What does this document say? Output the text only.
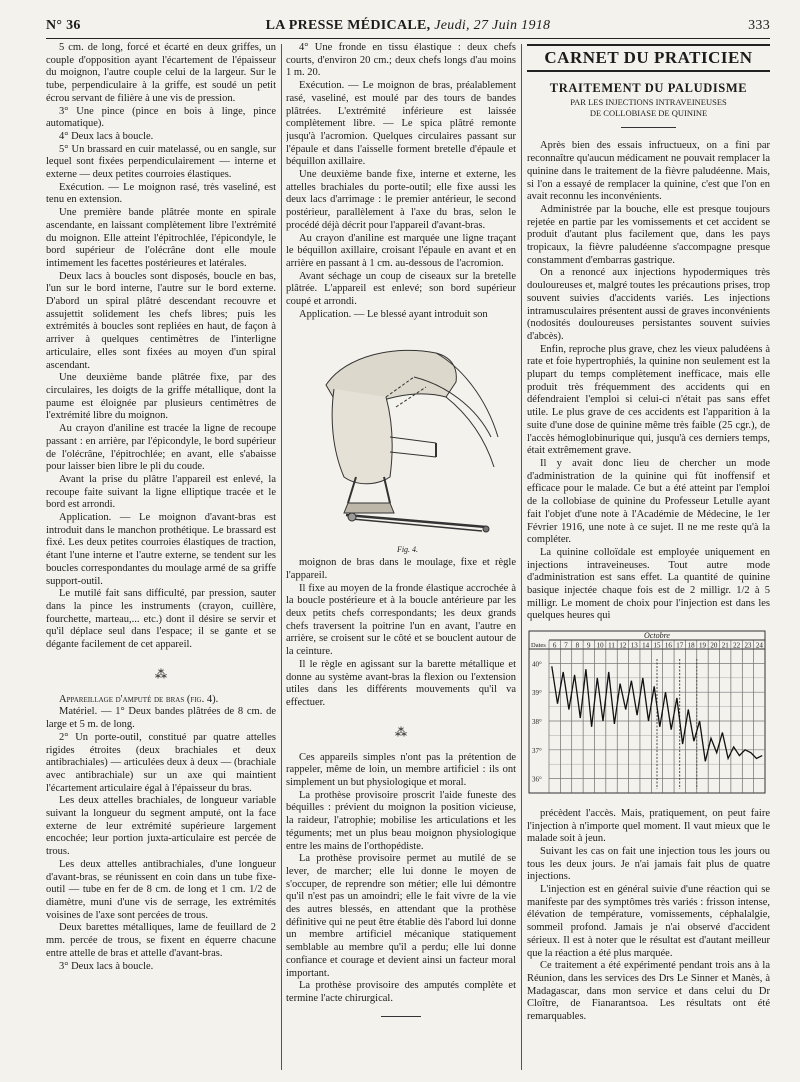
N° 36	LA PRESSE MÉDICALE, Jeudi, 27 Juin 1918	333

5 cm. de long, forcé et écarté en deux griffes, un couple d'opposition ayant l'écartement de l'épaisseur du moignon, l'autre couple celui de la largeur. Sur le tube, perpendiculaire à la griffe, est soudé un petit écrou servant de filière à une vis de pression.

3° Une pince (pince en bois à linge, pince automatique).

4° Deux lacs à boucle.

5° Un brassard en cuir matelassé, ou en sangle, sur lequel sont fixées perpendiculairement — interne et externe — deux petites courroies élastiques.

Exécution. — Le moignon rasé, très vaseliné, est tenu en extension.

Une première bande plâtrée monte en spirale ascendante, en laissant complètement libre l'extrémité du moignon. Elle atteint l'épitrochlée, l'épicondyle, le bord supérieur de l'olécrâne dont elle moule intimement les facettes postérieures et latérales.

Deux lacs à boucles sont disposés, boucle en bas, l'un sur le bord interne, l'autre sur le bord externe. D'abord un spiral plâtré descendant recouvre et assujettit solidement les chefs libres; puis les extrémités à boucles sont repliées en haut, de façon à arriver à quelques centimètres de l'interligne articulaire, elles sont fixées au moyen d'un spiral ascendant.

Une deuxième bande plâtrée fixe, par des circulaires, les doigts de la griffe métallique, dont la paume est éloignée par plusieurs centimètres de l'extrémité libre du moignon.

Au crayon d'aniline est tracée la ligne de recoupe passant : en arrière, par l'épicondyle, le bord supérieur de l'olécrâne, l'épitrochlée; en avant, elle s'abaisse pour laisser bien libre le pli du coude.

Avant la prise du plâtre l'appareil est enlevé, la recoupe faite suivant la ligne elliptique tracée et le bord est arrondi.

Application. — Le moignon d'avant-bras est introduit dans le manchon prothétique. Le brassard est fixé. Les deux petites courroies élastiques de traction, étant l'une interne et l'autre externe, se tendent sur les boucles correspondantes du moulage armé de sa griffe support-outil.

Le mutilé fait sans difficulté, par pression, sauter dans la pince les instruments (crayon, cuillère, fourchette, marteau,... etc.) dont il désire se servir et qu'il déplace seul dans l'espace; il se gante et se dégante facilement de cet appareil.

⁂

Appareillage d'amputé de bras (fig. 4).

Matériel. — 1° Deux bandes plâtrées de 8 cm. de large et 5 m. de long.

2° Un porte-outil, constitué par quatre attelles rigides étroites (deux brachiales et deux antibrachiales) — articulées deux à deux — (brachiale avec antibrachiale) sur un axe qui maintient l'écartement articulaire égal à l'épaisseur du bras.

Les deux attelles brachiales, de longueur variable suivant la longueur du segment amputé, ont la face externe de leur extrémité supérieure largement encochée; leur portion juxta-articulaire est percée de trous.

Les deux attelles antibrachiales, d'une longueur d'avant-bras, se réunissent en coin dans un tube fixe-outil — tube en fer de 8 cm. de long et 1 cm. 1/2 de diamètre, muni d'une vis de serrage, les extrémités voisines de l'axe sont percées de trous.

Deux barettes métalliques, lame de feuillard de 2 mm. percée de trous, se fixent en équerre chacune entre attelle de bras et attelle d'avant-bras.

3° Deux lacs à boucle.

4° Une fronde en tissu élastique : deux chefs courts, d'environ 20 cm.; deux chefs longs d'au moins 1 m. 20.

Exécution. — Le moignon de bras, préalablement rasé, vaseliné, est moulé par des tours de bandes plâtrées. L'extrémité inférieure est laissée complètement libre. — Le spica plâtré remonte jusqu'à l'acromion. Quelques circulaires passant sur l'épaule et dans l'aisselle forment bretelle d'épaule et béquillon axillaire.

Une deuxième bande fixe, interne et externe, les attelles brachiales du porte-outil; elle fixe aussi les deux lacs d'arrimage : le premier antérieur, le second postérieur, parallèlement à l'axe du bras, selon le procédé déjà décrit pour l'appareil d'avant-bras.

Au crayon d'aniline est marquée une ligne traçant le béquillon axillaire, croisant l'épaule en avant et en arrière en passant à 1 cm. au-dessous de l'acromion.

Avant séchage un coup de ciseaux sur la bretelle plâtrée. L'appareil est enlevé; son bord supérieur coupé et arrondi.

Application. — Le blessé ayant introduit son

Fig. 4.

moignon de bras dans le moulage, fixe et règle l'appareil.

Il fixe au moyen de la fronde élastique accrochée à la boucle postérieure et à la boucle antérieure par les deux petits chefs correspondants; les deux grands chefs traversent la poitrine l'un en avant, l'autre en arrière, se croisent sur le côté et se bouclent autour de la ceinture.

Il le règle en agissant sur la barette métallique et donne au système avant-bras la flexion ou l'extension utiles dans les différents mouvements qu'il va effectuer.

⁂

Ces appareils simples n'ont pas la prétention de rappeler, même de loin, un membre artificiel : ils ont simplement un but physiologique et moral.

La prothèse provisoire proscrit l'aide funeste des béquilles : prévient du moignon la position vicieuse, la raideur, l'atrophie; mobilise les articulations et les téguments; met un plus beau moignon physiologique entre les mains de l'orthopédiste.

La prothèse provisoire permet au mutilé de se lever, de marcher; elle lui donne le moyen de s'occuper, de reprendre son métier; elle lui démontre qu'il n'est pas un amoindri; elle le fait vivre de la vie des autres blessés, en attendant que la prothèse définitive qui ne peut être établie dès l'abord lui donne un membre artificiel mécanique statiquement semblable au membre qu'il a perdu; elle lui donne confiance et courage et devient ainsi un facteur moral important.

La prothèse provisoire des amputés complète et termine l'acte chirurgical.

CARNET DU PRATICIEN
TRAITEMENT DU PALUDISME
PAR LES INJECTIONS INTRAVEINEUSES
DE COLLOBIASE DE QUININE

Après bien des essais infructueux, on a fini par reconnaître qu'aucun médicament ne pouvait remplacer la quinine dans le traitement de la fièvre paludéenne. Mais, si l'on a essayé de remplacer la quinine, c'est que l'on en avait reconnu les inconvénients.

Administrée par la bouche, elle est presque toujours rejetée en partie par les vomissements et cet accident se produit d'autant plus facilement que, dans les pays tropicaux, la fièvre paludéenne s'accompagne presque constamment d'embarras gastrique.

On a renoncé aux injections hypodermiques très douloureuses et, malgré toutes les précautions prises, trop souvent suivies d'accidents variés. Les injections intramusculaires présentent aussi de graves inconvénients (nodosités douloureuses persistantes souvent suivies d'abcès).

Enfin, reproche plus grave, chez les vieux paludéens à rate et foie hypertrophiés, la quinine non seulement est la plupart du temps complètement inefficace, mais elle produit très fréquemment des accidents qui en défendraient l'emploi si celui-ci n'était pas sans effet utile. Le plus grave de ces accidents est l'apparition à la suite d'une dose de quinine même très faible (25 cgr.), de l'accès hémoglobinurique qui, jusqu'à ces derniers temps, était extrêmement grave.

Il y avait donc lieu de chercher un mode d'administration de la quinine qui fût inoffensif et efficace pour le malade. Ce but a été atteint par l'emploi de la collobiase de quinine du Professeur Letulle ayant fait l'objet d'une note à l'Académie de Médecine, le 1er Février 1916, une note à ce sujet. Il ne me reste qu'à la compléter.

La quinine colloïdale est employée uniquement en injections intraveineuses. Tout autre mode d'administration est sans effet. La quantité de quinine basique injectée chaque fois est de 2 milligr. 1/2 à 5 milligr. Le moment de choix pour l'injection est dans les quelques heures qui

Octobre
Dates 6 7 8 9 10 11 12 13 14 15 16 17 18 19 20 21 22 23 24
40°
39°
38°
37°
36°

précèdent l'accès. Mais, pratiquement, on peut faire l'injection à n'importe quel moment. Il vaut mieux que le malade soit à jeun.

Suivant les cas on fait une injection tous les jours ou tous les deux jours. Je n'ai jamais fait plus de quatre injections.

L'injection est en général suivie d'une réaction qui se manifeste par des symptômes très variés : frisson intense, élévation de température, vomissements, céphalalgie, sommeil profond. Jamais je n'ai observé d'accident sérieux. Il est à noter que le résultat est d'autant meilleur que la réaction a été plus marquée.

Ce traitement a été expérimenté pendant trois ans à la Réunion, dans les services des Drs Le Sinner et Manès, à Madagascar, dans mon service et dans celui du Dr Cloître, de Fianarantsoa. Les résultats ont été remarquables.
